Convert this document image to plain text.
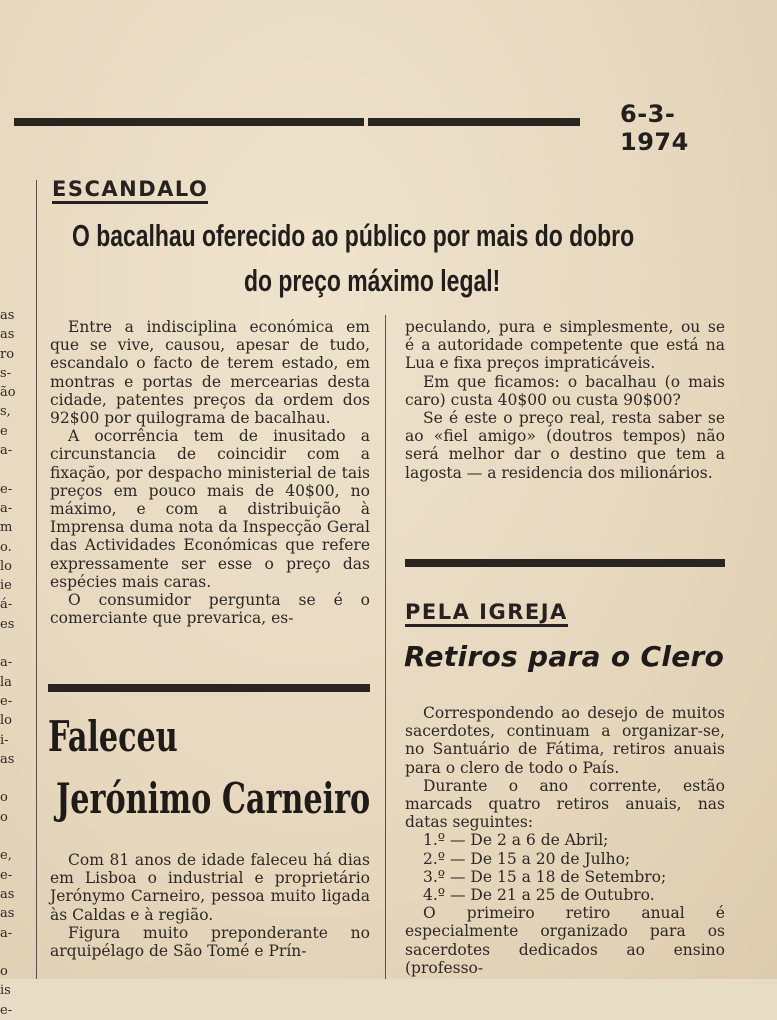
6-3-1974
as
as
ro
s-
ão
s,
e
a-
e-
a-
m
o.
lo
ie
á-
es
a-
la
e-
lo
i-
as
o
o
e,
e-
as
as
a-
o
is
e-
ESCANDALO
O bacalhau oferecido ao público por mais do dobro
do preço máximo legal!

Entre a indisciplina económica em que se vive, causou, apesar de tudo, escandalo o facto de terem estado, em montras e portas de mercearias desta cidade, patentes preços da ordem dos 92$00 por quilograma de bacalhau.

A ocorrência tem de inusitado a circunstancia de coincidir com a fixação, por despacho ministerial de tais preços em pouco mais de 40$00, no máximo, e com a distribuição à Imprensa duma nota da Inspecção Geral das Actividades Económicas que refere expressamente ser esse o preço das espécies mais caras.

O consumidor pergunta se é o comerciante que prevarica, es-

peculando, pura e simplesmente, ou se é a autoridade competente que está na Lua e fixa preços impraticáveis.

Em que ficamos: o bacalhau (o mais caro) custa 40$00 ou custa 90$00?

Se é este o preço real, resta saber se ao «fiel amigo» (doutros tempos) não será melhor dar o destino que tem a lagosta — a residencia dos milionários.

Faleceu
Jerónimo Carneiro

Com 81 anos de idade faleceu há dias em Lisboa o industrial e proprietário Jerónymo Carneiro, pessoa muito ligada às Caldas e à região.

Figura muito preponderante no arquipélago de São Tomé e Prín-

PELA IGREJA
Retiros para o Clero

Correspondendo ao desejo de muitos sacerdotes, continuam a organizar-se, no Santuário de Fátima, retiros anuais para o clero de todo o País.

Durante o ano corrente, estão marcads quatro retiros anuais, nas datas seguintes:

1.º — De 2 a 6 de Abril;

2.º — De 15 a 20 de Julho;

3.º — De 15 a 18 de Setembro;

4.º — De 21 a 25 de Outubro.

O primeiro retiro anual é especialmente organizado para os sacerdotes dedicados ao ensino (professo-
